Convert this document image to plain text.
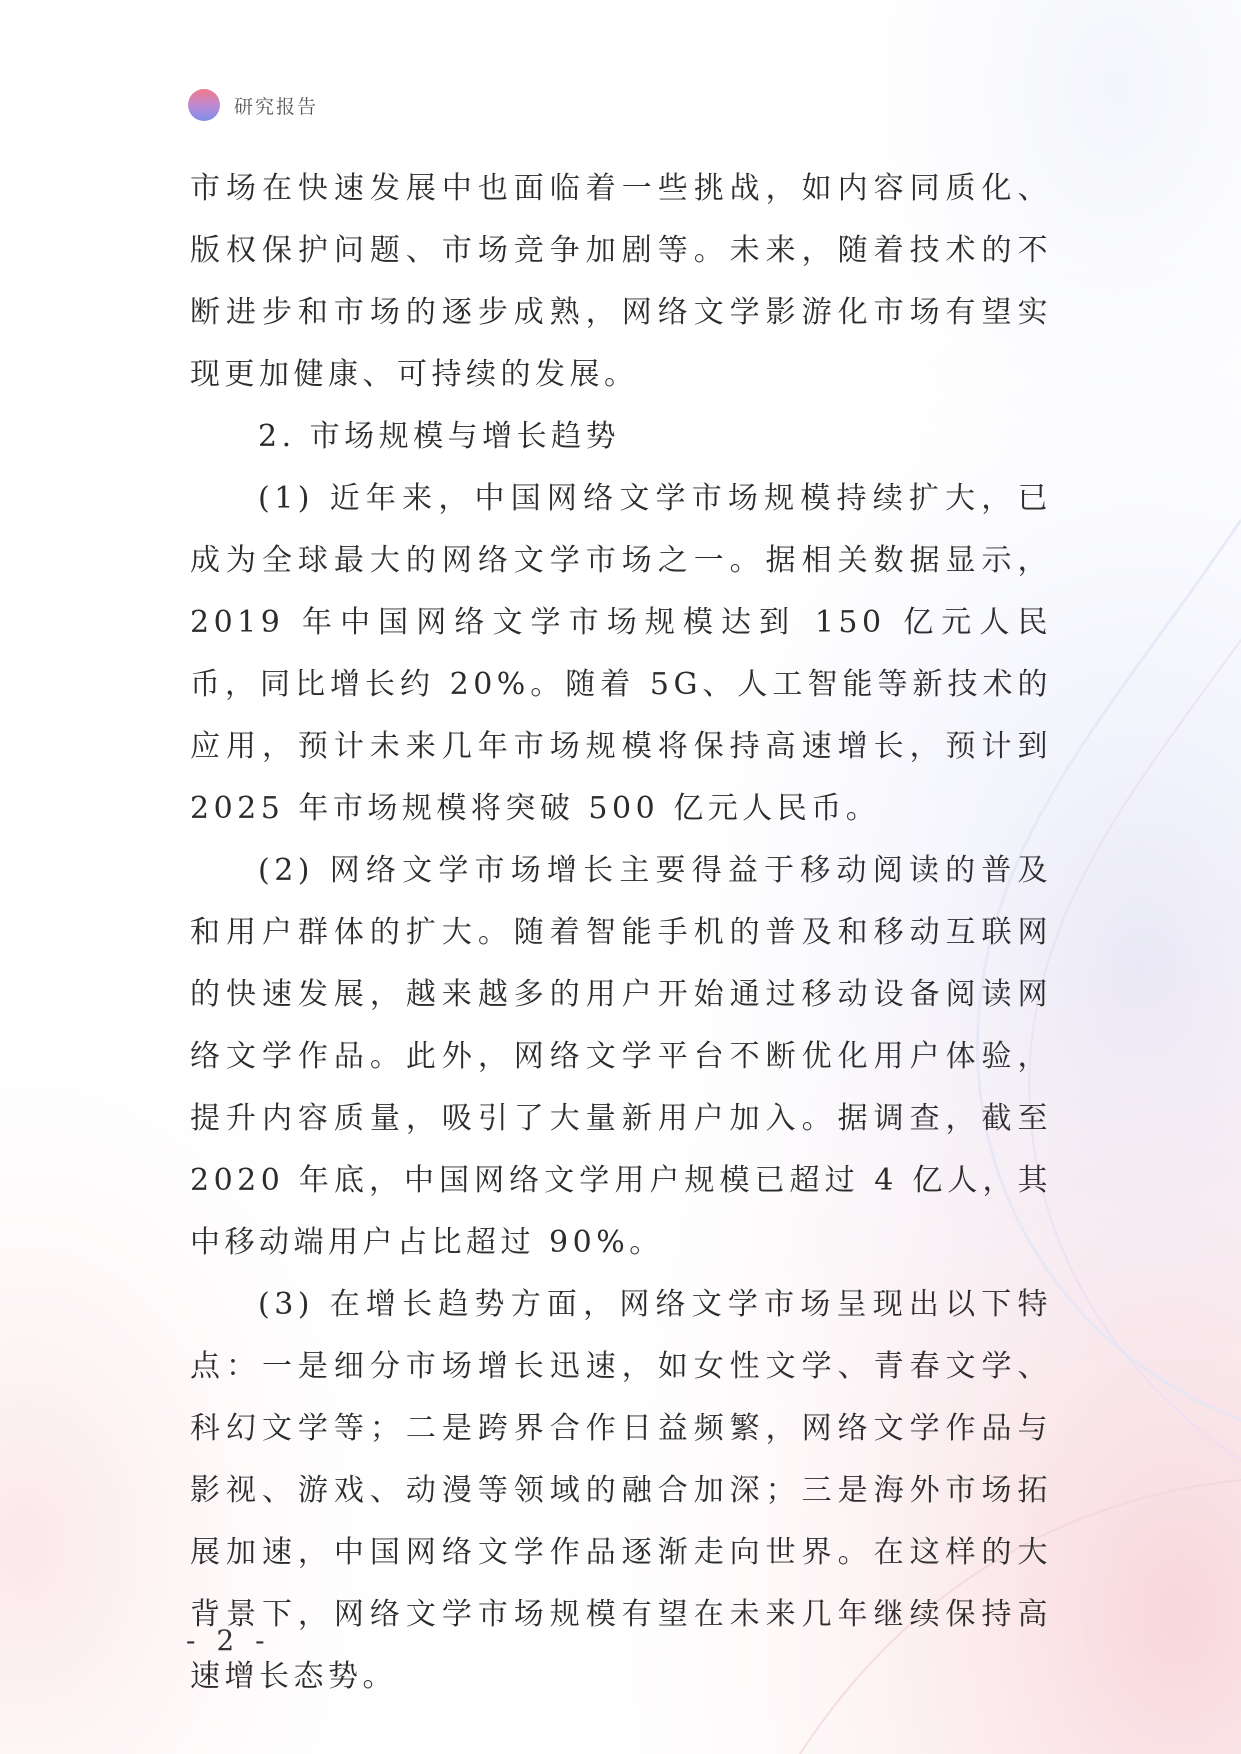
研究报告

市场在快速发展中也面临着一些挑战，如内容同质化、版权保护问题、市场竞争加剧等。未来，随着技术的不断进步和市场的逐步成熟，网络文学影游化市场有望实现更加健康、可持续的发展。

2. 市场规模与增长趋势

(1) 近年来，中国网络文学市场规模持续扩大，已成为全球最大的网络文学市场之一。据相关数据显示，2019 年中国网络文学市场规模达到 150 亿元人民币，同比增长约 20%。随着 5G、人工智能等新技术的应用，预计未来几年市场规模将保持高速增长，预计到 2025 年市场规模将突破 500 亿元人民币。

(2) 网络文学市场增长主要得益于移动阅读的普及和用户群体的扩大。随着智能手机的普及和移动互联网的快速发展，越来越多的用户开始通过移动设备阅读网络文学作品。此外，网络文学平台不断优化用户体验，提升内容质量，吸引了大量新用户加入。据调查，截至 2020 年底，中国网络文学用户规模已超过 4 亿人，其中移动端用户占比超过 90%。

(3) 在增长趋势方面，网络文学市场呈现出以下特点：一是细分市场增长迅速，如女性文学、青春文学、科幻文学等；二是跨界合作日益频繁，网络文学作品与影视、游戏、动漫等领域的融合加深；三是海外市场拓展加速，中国网络文学作品逐渐走向世界。在这样的大背景下，网络文学市场规模有望在未来几年继续保持高速增长态势。

- 2 -
